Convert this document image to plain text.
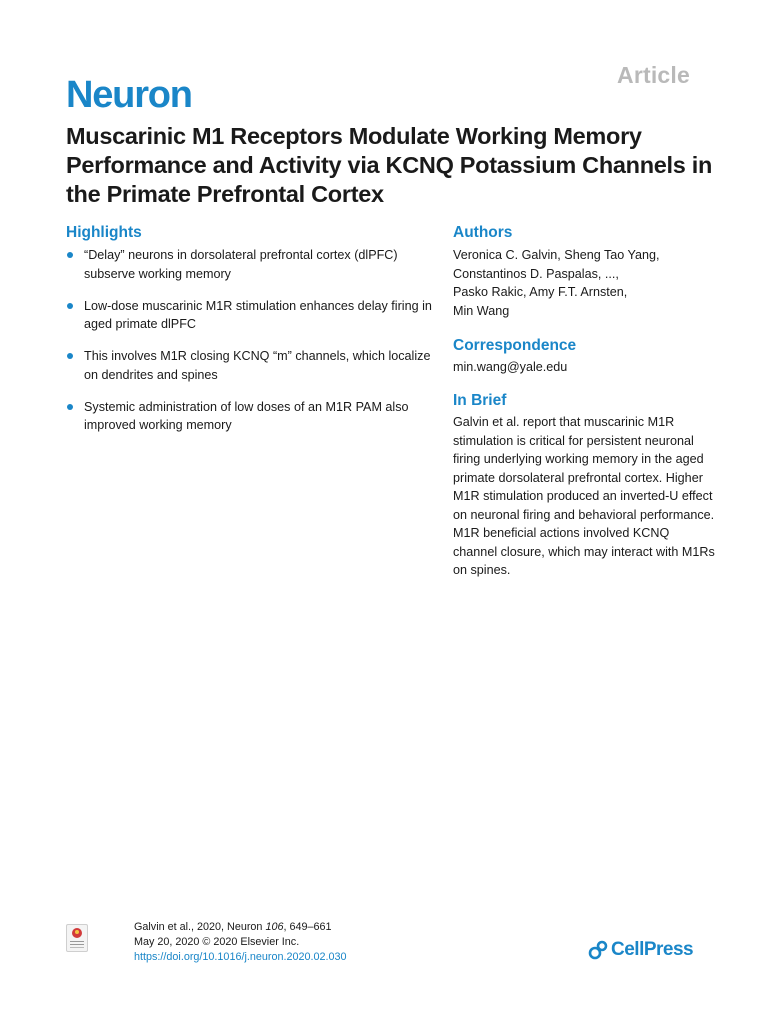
Article
Neuron
Muscarinic M1 Receptors Modulate Working Memory Performance and Activity via KCNQ Potassium Channels in the Primate Prefrontal Cortex
Highlights
“Delay” neurons in dorsolateral prefrontal cortex (dlPFC) subserve working memory
Low-dose muscarinic M1R stimulation enhances delay firing in aged primate dlPFC
This involves M1R closing KCNQ “m” channels, which localize on dendrites and spines
Systemic administration of low doses of an M1R PAM also improved working memory
Authors
Veronica C. Galvin, Sheng Tao Yang,
Constantinos D. Paspalas, ...,
Pasko Rakic, Amy F.T. Arnsten,
Min Wang
Correspondence
min.wang@yale.edu
In Brief
Galvin et al. report that muscarinic M1R stimulation is critical for persistent neuronal firing underlying working memory in the aged primate dorsolateral prefrontal cortex. Higher M1R stimulation produced an inverted-U effect on neuronal firing and behavioral performance. M1R beneficial actions involved KCNQ channel closure, which may interact with M1Rs on spines.
Galvin et al., 2020, Neuron 106, 649–661
May 20, 2020 © 2020 Elsevier Inc.
https://doi.org/10.1016/j.neuron.2020.02.030	CellPress
